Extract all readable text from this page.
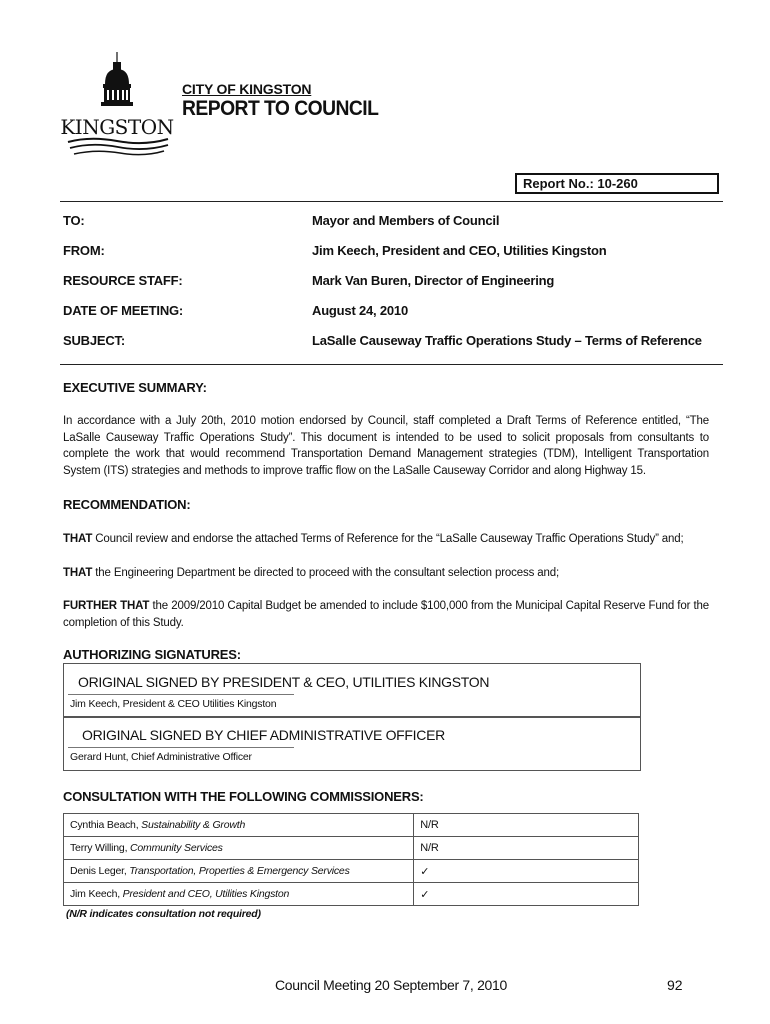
KINGSTON
CITY OF KINGSTON
REPORT TO COUNCIL
Report No.: 10-260
TO:	Mayor and Members of Council
FROM:	Jim Keech, President and CEO, Utilities Kingston
RESOURCE STAFF:	Mark Van Buren, Director of Engineering
DATE OF MEETING:	August 24, 2010
SUBJECT:	LaSalle Causeway Traffic Operations Study – Terms of Reference
EXECUTIVE SUMMARY:
In accordance with a July 20th, 2010 motion endorsed by Council, staff completed a Draft Terms of Reference entitled, “The LaSalle Causeway Traffic Operations Study”. This document is intended to be used to solicit proposals from consultants to complete the work that would recommend Transportation Demand Management strategies (TDM), Intelligent Transportation System (ITS) strategies and methods to improve traffic flow on the LaSalle Causeway Corridor and along Highway 15.
RECOMMENDATION:
THAT Council review and endorse the attached Terms of Reference for the “LaSalle Causeway Traffic Operations Study” and;
THAT the Engineering Department be directed to proceed with the consultant selection process and;
FURTHER THAT the 2009/2010 Capital Budget be amended to include $100,000 from the Municipal Capital Reserve Fund for the completion of this Study.
AUTHORIZING SIGNATURES:
ORIGINAL SIGNED BY PRESIDENT & CEO, UTILITIES KINGSTON
Jim Keech, President & CEO Utilities Kingston
ORIGINAL SIGNED BY CHIEF ADMINISTRATIVE OFFICER
Gerard Hunt, Chief Administrative Officer
CONSULTATION WITH THE FOLLOWING COMMISSIONERS:
Cynthia Beach, Sustainability & Growth	N/R
Terry Willing, Community Services	N/R
Denis Leger, Transportation, Properties & Emergency Services	✓
Jim Keech, President and CEO, Utilities Kingston	✓
(N/R indicates consultation not required)
Council Meeting 20 September 7, 2010	92
